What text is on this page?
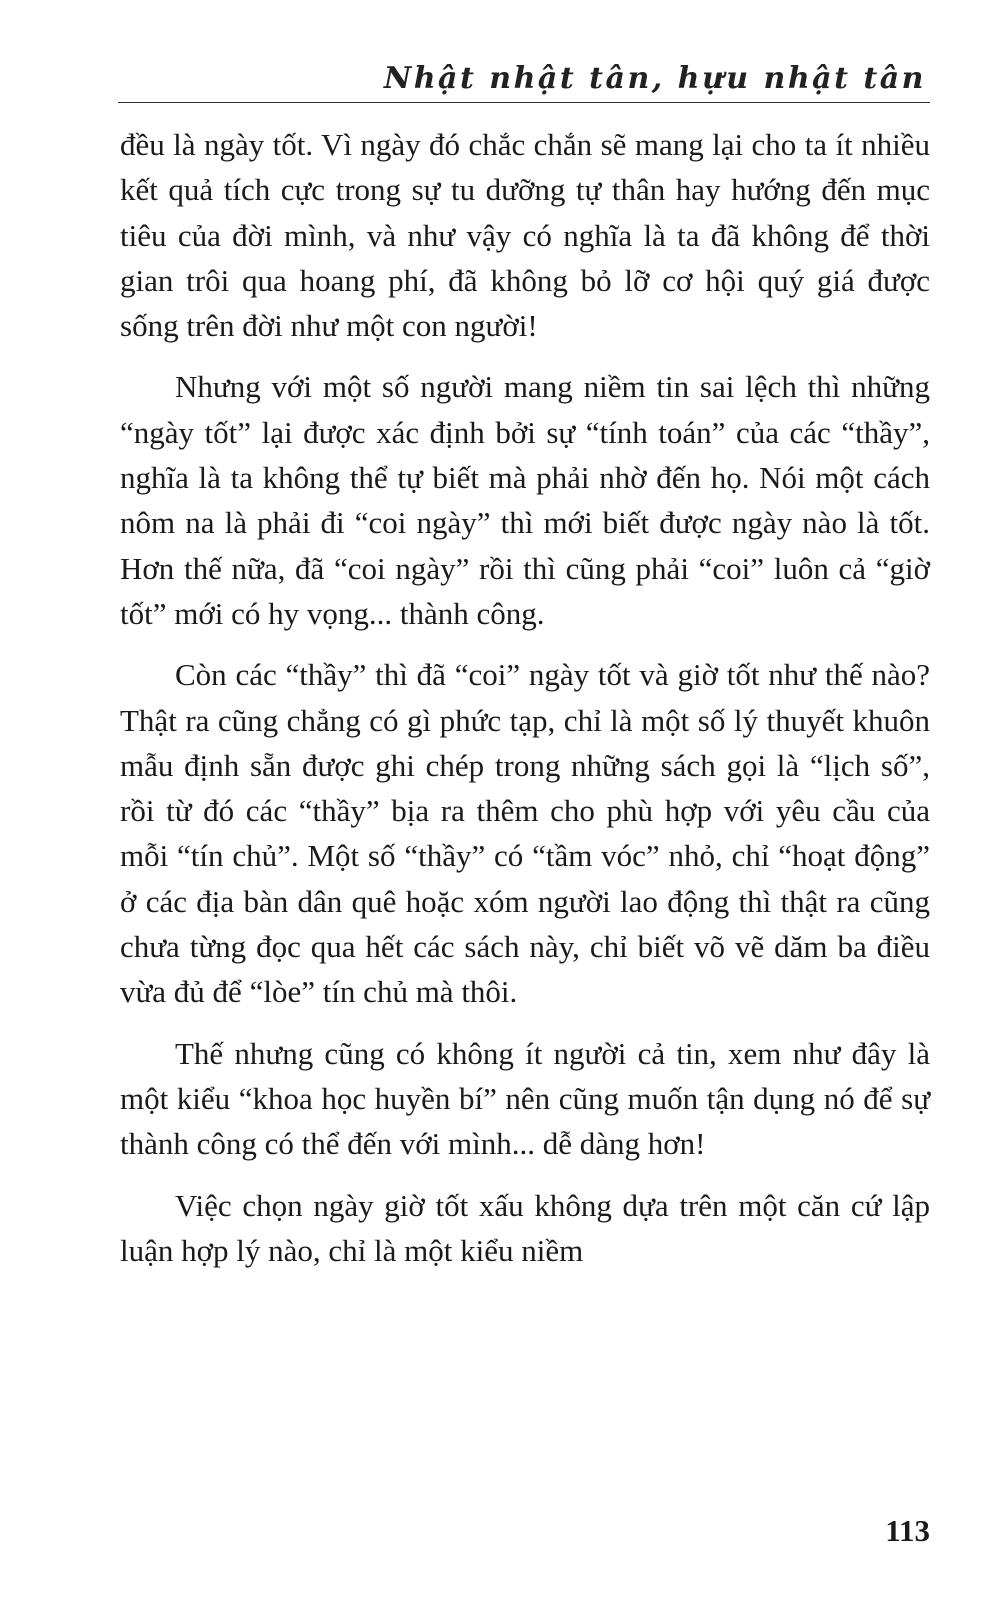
Nhật nhật tân, hựu nhật tân

đều là ngày tốt. Vì ngày đó chắc chắn sẽ mang lại cho ta ít nhiều kết quả tích cực trong sự tu dưỡng tự thân hay hướng đến mục tiêu của đời mình, và như vậy có nghĩa là ta đã không để thời gian trôi qua hoang phí, đã không bỏ lỡ cơ hội quý giá được sống trên đời như một con người!

Nhưng với một số người mang niềm tin sai lệch thì những “ngày tốt” lại được xác định bởi sự “tính toán” của các “thầy”, nghĩa là ta không thể tự biết mà phải nhờ đến họ. Nói một cách nôm na là phải đi “coi ngày” thì mới biết được ngày nào là tốt. Hơn thế nữa, đã “coi ngày” rồi thì cũng phải “coi” luôn cả “giờ tốt” mới có hy vọng... thành công.

Còn các “thầy” thì đã “coi” ngày tốt và giờ tốt như thế nào? Thật ra cũng chẳng có gì phức tạp, chỉ là một số lý thuyết khuôn mẫu định sẵn được ghi chép trong những sách gọi là “lịch số”, rồi từ đó các “thầy” bịa ra thêm cho phù hợp với yêu cầu của mỗi “tín chủ”. Một số “thầy” có “tầm vóc” nhỏ, chỉ “hoạt động” ở các địa bàn dân quê hoặc xóm người lao động thì thật ra cũng chưa từng đọc qua hết các sách này, chỉ biết võ vẽ dăm ba điều vừa đủ để “lòe” tín chủ mà thôi.

Thế nhưng cũng có không ít người cả tin, xem như đây là một kiểu “khoa học huyền bí” nên cũng muốn tận dụng nó để sự thành công có thể đến với mình... dễ dàng hơn!

Việc chọn ngày giờ tốt xấu không dựa trên một căn cứ lập luận hợp lý nào, chỉ là một kiểu niềm

113
